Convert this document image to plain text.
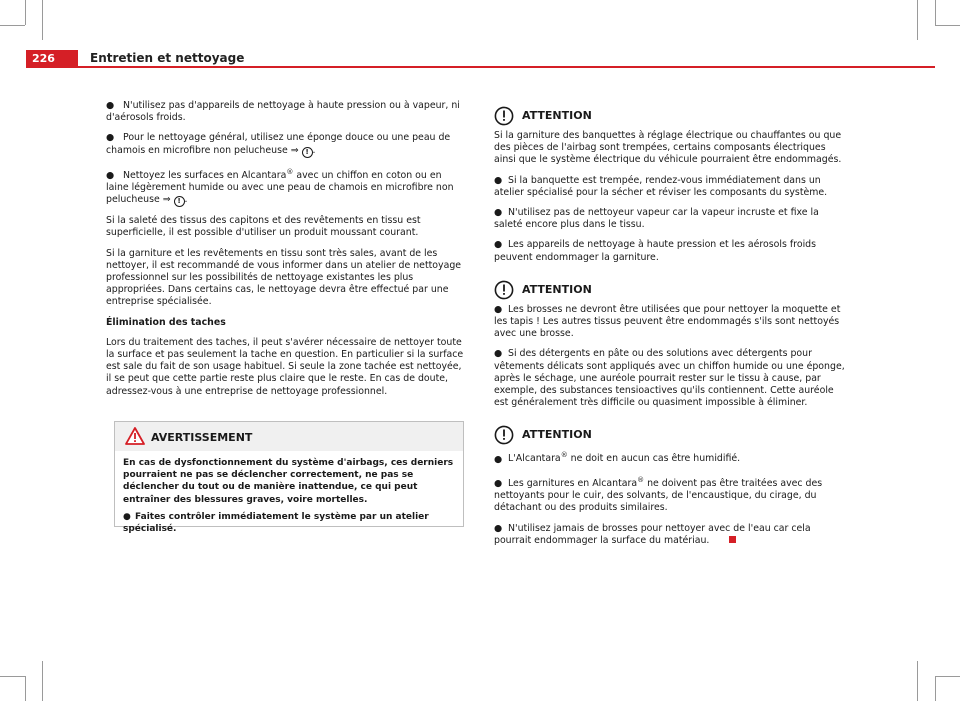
226	Entretien et nettoyage

● N'utilisez pas d'appareils de nettoyage à haute pression ou à vapeur, ni d'aérosols froids.

● Pour le nettoyage général, utilisez une éponge douce ou une peau de chamois en microfibre non pelucheuse ⇒ ! .

● Nettoyez les surfaces en Alcantara® avec un chiffon en coton ou en laine légèrement humide ou avec une peau de chamois en microfibre non pelucheuse ⇒ ! .

Si la saleté des tissus des capitons et des revêtements en tissu est superficielle, il est possible d'utiliser un produit moussant courant.

Si la garniture et les revêtements en tissu sont très sales, avant de les nettoyer, il est recommandé de vous informer dans un atelier de nettoyage professionnel sur les possibilités de nettoyage existantes les plus appropriées. Dans certains cas, le nettoyage devra être effectué par une entreprise spécialisée.

Élimination des taches

Lors du traitement des taches, il peut s'avérer nécessaire de nettoyer toute la surface et pas seulement la tache en question. En particulier si la surface est sale du fait de son usage habituel. Si seule la zone tachée est nettoyée, il se peut que cette partie reste plus claire que le reste. En cas de doute, adressez-vous à une entreprise de nettoyage professionnel.

AVERTISSEMENT

En cas de dysfonctionnement du système d'airbags, ces derniers pourraient ne pas se déclencher correctement, ne pas se déclencher du tout ou de manière inattendue, ce qui peut entraîner des blessures graves, voire mortelles.

● Faites contrôler immédiatement le système par un atelier spécialisé.

ATTENTION

Si la garniture des banquettes à réglage électrique ou chauffantes ou que des pièces de l'airbag sont trempées, certains composants électriques ainsi que le système électrique du véhicule pourraient être endommagés.

● Si la banquette est trempée, rendez-vous immédiatement dans un atelier spécialisé pour la sécher et réviser les composants du système.

● N'utilisez pas de nettoyeur vapeur car la vapeur incruste et fixe la saleté encore plus dans le tissu.

● Les appareils de nettoyage à haute pression et les aérosols froids peuvent endommager la garniture.

ATTENTION

● Les brosses ne devront être utilisées que pour nettoyer la moquette et les tapis ! Les autres tissus peuvent être endommagés s'ils sont nettoyés avec une brosse.

● Si des détergents en pâte ou des solutions avec détergents pour vêtements délicats sont appliqués avec un chiffon humide ou une éponge, après le séchage, une auréole pourrait rester sur le tissu à cause, par exemple, des substances tensioactives qu'ils contiennent. Cette auréole est généralement très difficile ou quasiment impossible à éliminer.

ATTENTION

● L'Alcantara® ne doit en aucun cas être humidifié.

● Les garnitures en Alcantara® ne doivent pas être traitées avec des nettoyants pour le cuir, des solvants, de l'encaustique, du cirage, du détachant ou des produits similaires.

● N'utilisez jamais de brosses pour nettoyer avec de l'eau car cela pourrait endommager la surface du matériau.
